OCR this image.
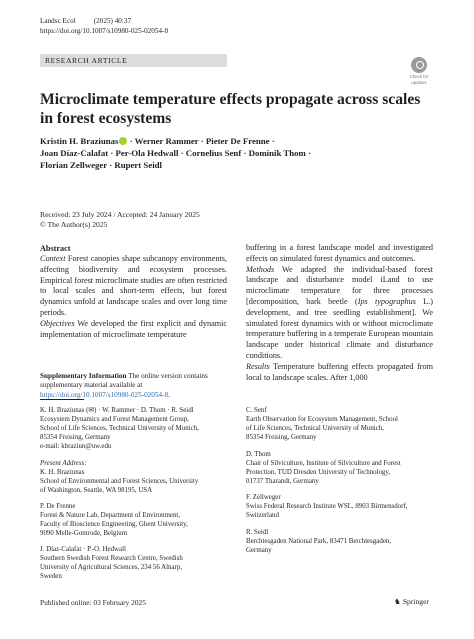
Landsc Ecol	(2025) 40:37
https://doi.org/10.1007/s10980-025-02054-8
RESEARCH ARTICLE
Check for
updates
Microclimate temperature effects propagate across scales
in forest ecosystems
Kristin H. Braziunas · Werner Rammer · Pieter De Frenne ·
Joan Díaz-Calafat · Per-Ola Hedwall · Cornelius Senf · Dominik Thom ·
Florian Zellweger · Rupert Seidl
Received: 23 July 2024 / Accepted: 24 January 2025
© The Author(s) 2025
Abstract

Context Forest canopies shape subcanopy environments, affecting biodiversity and ecosystem processes. Empirical forest microclimate studies are often restricted to local scales and short-term effects, but forest dynamics unfold at landscape scales and over long time periods.

Objectives We developed the first explicit and dynamic implementation of microclimate temperature

buffering in a forest landscape model and investigated effects on simulated forest dynamics and outcomes.

Methods We adapted the individual-based forest landscape and disturbance model iLand to use microclimate temperature for three processes [decomposition, bark beetle (Ips typographus L.) development, and tree seedling establishment]. We simulated forest dynamics with or without microclimate temperature buffering in a temperate European mountain landscape under historical climate and disturbance conditions.

Results Temperature buffering effects propagated from local to landscape scales. After 1,000

Supplementary Information The online version contains supplementary material available at https://doi.org/10.1007/s10980-025-02054-8.
K. H. Braziunas (✉) · W. Rammer · D. Thom · R. Seidl
Ecosystem Dynamics and Forest Management Group,
School of Life Sciences, Technical University of Munich,
85354 Freising, Germany
e-mail: kbraziun@uw.edu
Present Address:
K. H. Braziunas
School of Environmental and Forest Sciences, University
of Washington, Seattle, WA 98195, USA
P. De Frenne
Forest & Nature Lab, Department of Environment,
Faculty of Bioscience Engineering, Ghent University,
9090 Melle-Gontrode, Belgium
J. Díaz-Calafat · P.-O. Hedwall
Southern Swedish Forest Research Centre, Swedish
University of Agricultural Sciences, 234 56 Alnarp,
Sweden
C. Senf
Earth Observation for Ecosystem Management, School
of Life Sciences, Technical University of Munich,
85354 Freising, Germany
D. Thom
Chair of Silviculture, Institute of Silviculture and Forest
Protection, TUD Dresden University of Technology,
01737 Tharandt, Germany
F. Zellweger
Swiss Federal Research Institute WSL, 8903 Birmensdorf,
Switzerland
R. Seidl
Berchtesgaden National Park, 83471 Berchtesgaden,
Germany
Published online: 03 February 2025	♞ Springer
